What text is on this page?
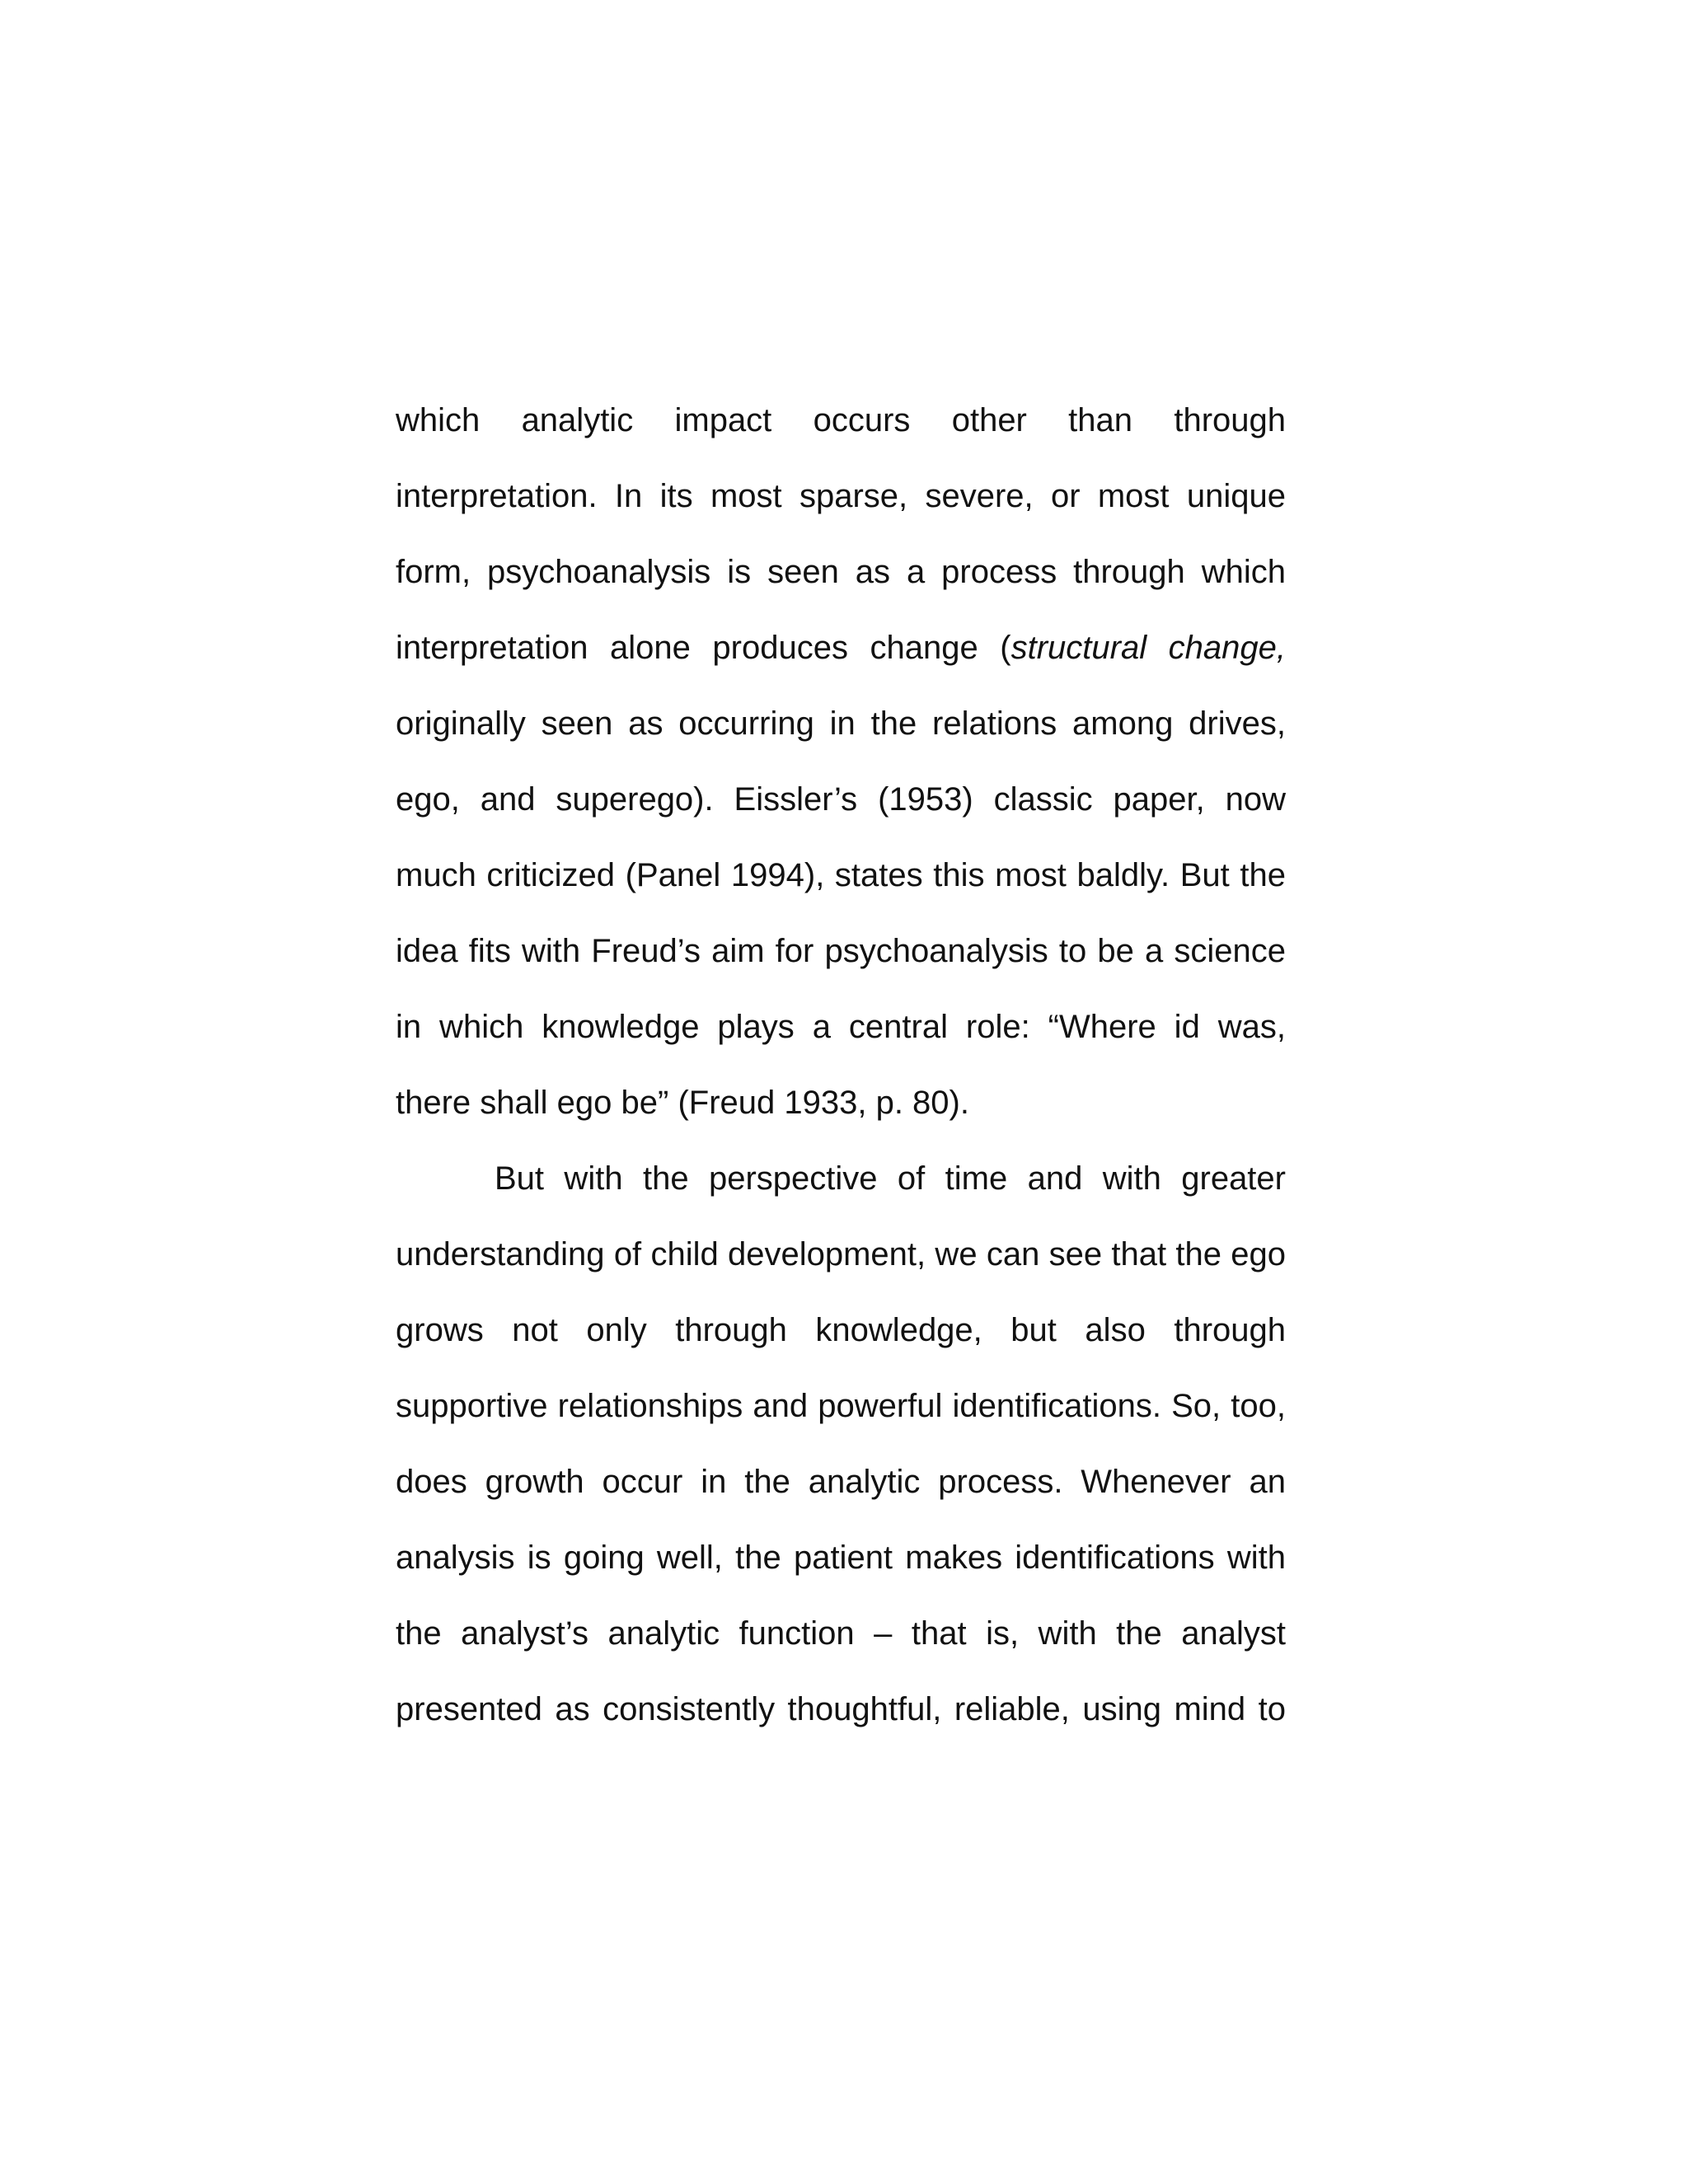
which analytic impact occurs other than through
interpretation. In its most sparse, severe, or most unique
form, psychoanalysis is seen as a process through which
interpretation alone produces change (structural change,
originally seen as occurring in the relations among drives,
ego, and superego). Eissler’s (1953) classic paper, now
much criticized (Panel 1994), states this most baldly. But the
idea fits with Freud’s aim for psychoanalysis to be a science
in which knowledge plays a central role: “Where id was,
there shall ego be” (Freud 1933, p. 80).
But with the perspective of time and with greater
understanding of child development, we can see that the ego
grows not only through knowledge, but also through
supportive relationships and powerful identifications. So, too,
does growth occur in the analytic process. Whenever an
analysis is going well, the patient makes identifications with
the analyst’s analytic function – that is, with the analyst
presented as consistently thoughtful, reliable, using mind to
